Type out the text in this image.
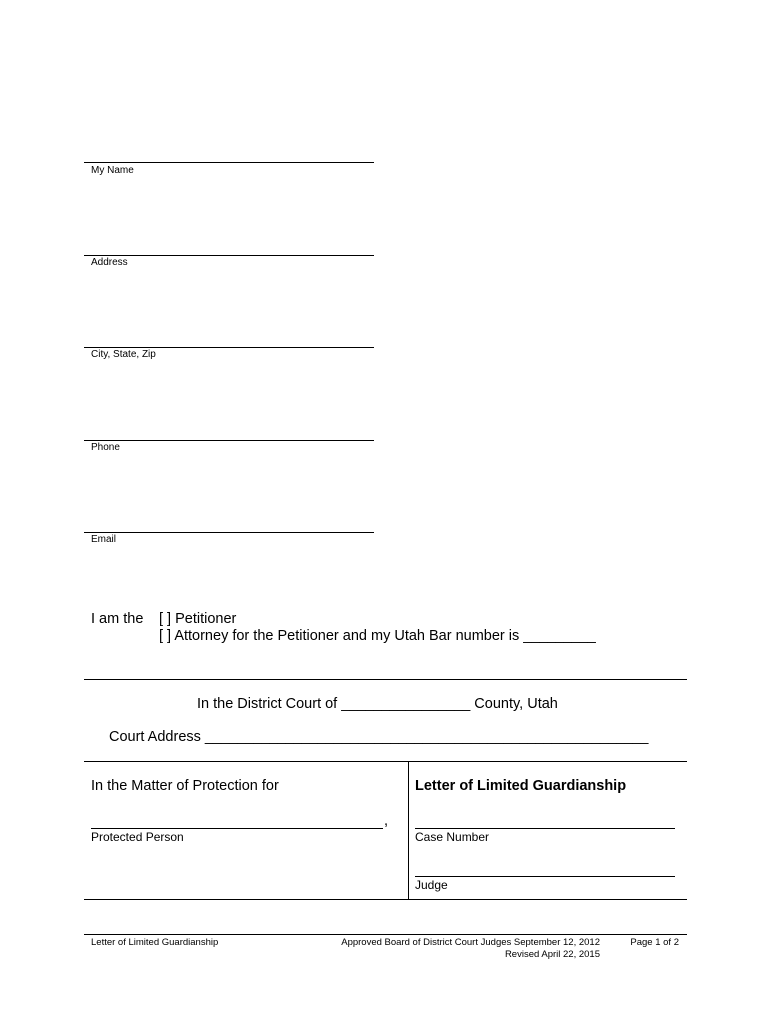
My Name
Address
City, State, Zip
Phone
Email
I am the [ ] Petitioner
[ ] Attorney for the Petitioner and my Utah Bar number is _________
In the District Court of ________________ County, Utah
Court Address _______________________________________________________
In the Matter of Protection for
,
Protected Person
Letter of Limited Guardianship
Case Number
Judge
Letter of Limited Guardianship	Approved Board of District Court Judges September 12, 2012
Revised April 22, 2015
Page 1 of 2
